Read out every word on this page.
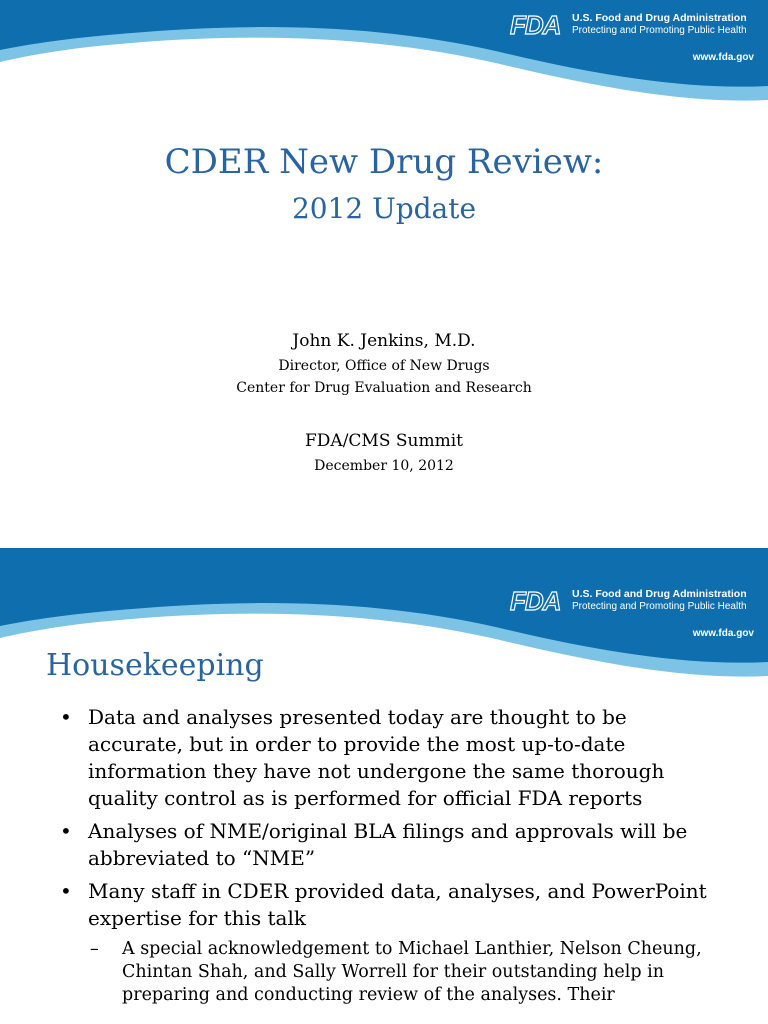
FDA U.S. Food and Drug Administration
Protecting and Promoting Public Health
www.fda.gov
CDER New Drug Review:
2012 Update
John K. Jenkins, M.D.
Director, Office of New Drugs
Center for Drug Evaluation and Research
FDA/CMS Summit
December 10, 2012
FDA U.S. Food and Drug Administration
Protecting and Promoting Public Health
www.fda.gov
Housekeeping
• Data and analyses presented today are thought to be accurate, but in order to provide the most up-to-date information they have not undergone the same thorough quality control as is performed for official FDA reports
• Analyses of NME/original BLA filings and approvals will be abbreviated to “NME”
• Many staff in CDER provided data, analyses, and PowerPoint expertise for this talk
– A special acknowledgement to Michael Lanthier, Nelson Cheung, Chintan Shah, and Sally Worrell for their outstanding help in preparing and conducting review of the analyses. Their
